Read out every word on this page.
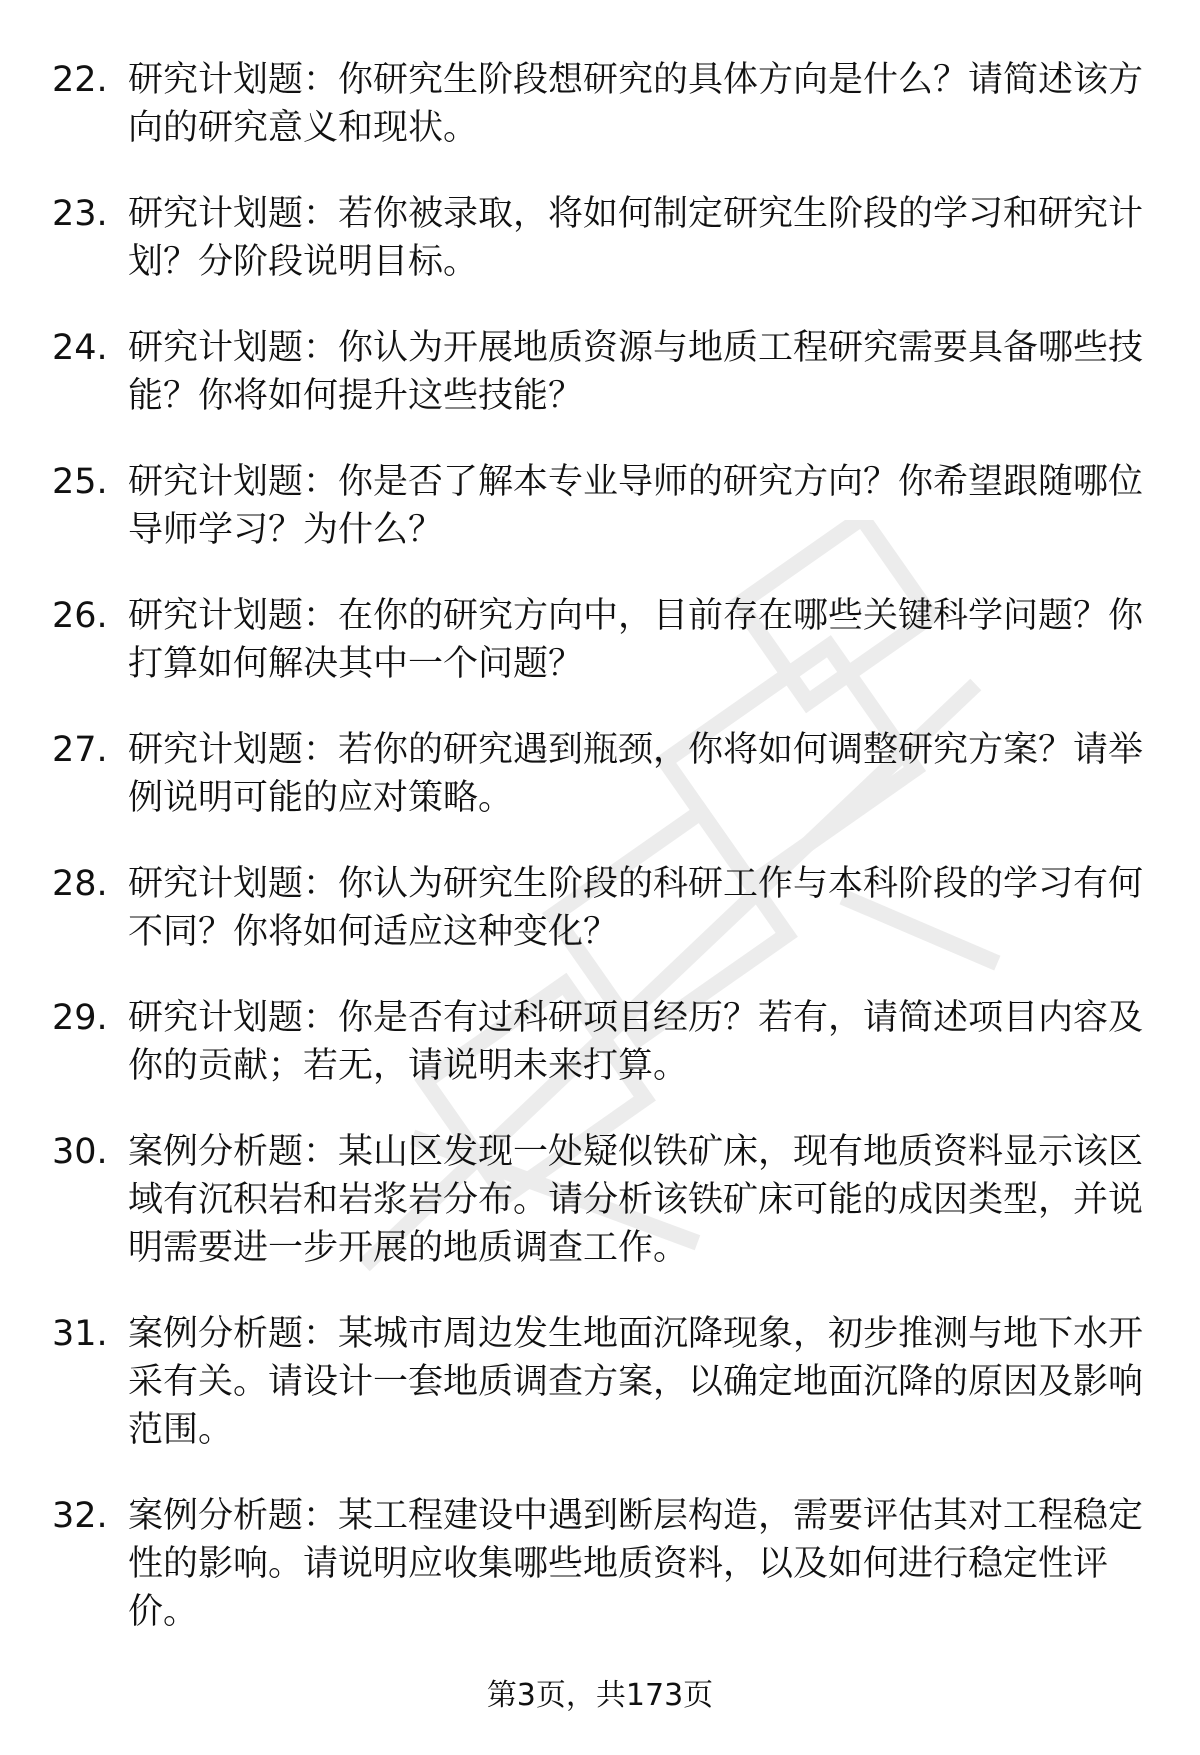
22. 研究计划题：你研究生阶段想研究的具体方向是什么？请简述该方向的研究意义和现状。
23. 研究计划题：若你被录取，将如何制定研究生阶段的学习和研究计划？分阶段说明目标。
24. 研究计划题：你认为开展地质资源与地质工程研究需要具备哪些技能？你将如何提升这些技能？
25. 研究计划题：你是否了解本专业导师的研究方向？你希望跟随哪位导师学习？为什么？
26. 研究计划题：在你的研究方向中，目前存在哪些关键科学问题？你打算如何解决其中一个问题？
27. 研究计划题：若你的研究遇到瓶颈，你将如何调整研究方案？请举例说明可能的应对策略。
28. 研究计划题：你认为研究生阶段的科研工作与本科阶段的学习有何不同？你将如何适应这种变化？
29. 研究计划题：你是否有过科研项目经历？若有，请简述项目内容及你的贡献；若无，请说明未来打算。
30. 案例分析题：某山区发现一处疑似铁矿床，现有地质资料显示该区域有沉积岩和岩浆岩分布。请分析该铁矿床可能的成因类型，并说明需要进一步开展的地质调查工作。
31. 案例分析题：某城市周边发生地面沉降现象，初步推测与地下水开采有关。请设计一套地质调查方案，以确定地面沉降的原因及影响范围。
32. 案例分析题：某工程建设中遇到断层构造，需要评估其对工程稳定性的影响。请说明应收集哪些地质资料，以及如何进行稳定性评价。
第3页，共173页
